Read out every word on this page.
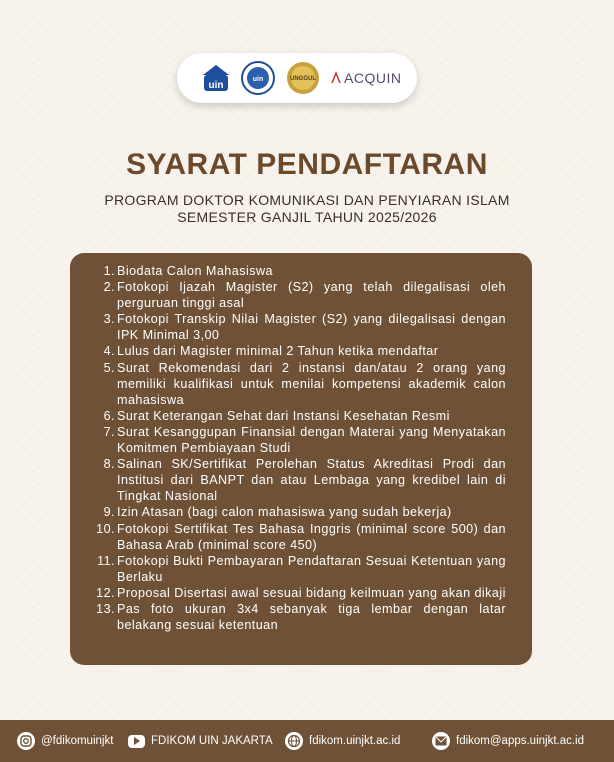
uin
uin	UNGGUL ACQUIN
SYARAT PENDAFTARAN
PROGRAM DOKTOR KOMUNIKASI DAN PENYIARAN ISLAM
SEMESTER GANJIL TAHUN 2025/2026
1. Biodata Calon Mahasiswa
2. Fotokopi Ijazah Magister (S2) yang telah dilegalisasi oleh perguruan tinggi asal
3. Fotokopi Transkip Nilai Magister (S2) yang dilegalisasi dengan IPK Minimal 3,00
4. Lulus dari Magister minimal 2 Tahun ketika mendaftar
5. Surat Rekomendasi dari 2 instansi dan/atau 2 orang yang memiliki kualifikasi untuk menilai kompetensi akademik calon mahasiswa
6. Surat Keterangan Sehat dari Instansi Kesehatan Resmi
7. Surat Kesanggupan Finansial dengan Materai yang Menyatakan Komitmen Pembiayaan Studi
8. Salinan SK/Sertifikat Perolehan Status Akreditasi Prodi dan Institusi dari BANPT dan atau Lembaga yang kredibel lain di Tingkat Nasional
9. Izin Atasan (bagi calon mahasiswa yang sudah bekerja)
10. Fotokopi Sertifikat Tes Bahasa Inggris (minimal score 500) dan Bahasa Arab (minimal score 450)
11. Fotokopi Bukti Pembayaran Pendaftaran Sesuai Ketentuan yang Berlaku
12. Proposal Disertasi awal sesuai bidang keilmuan yang akan dikaji
13. Pas foto ukuran 3x4 sebanyak tiga lembar dengan latar belakang sesuai ketentuan
@fdikomuinjkt	FDIKOM UIN JAKARTA	fdikom.uinjkt.ac.id	fdikom@apps.uinjkt.ac.id
